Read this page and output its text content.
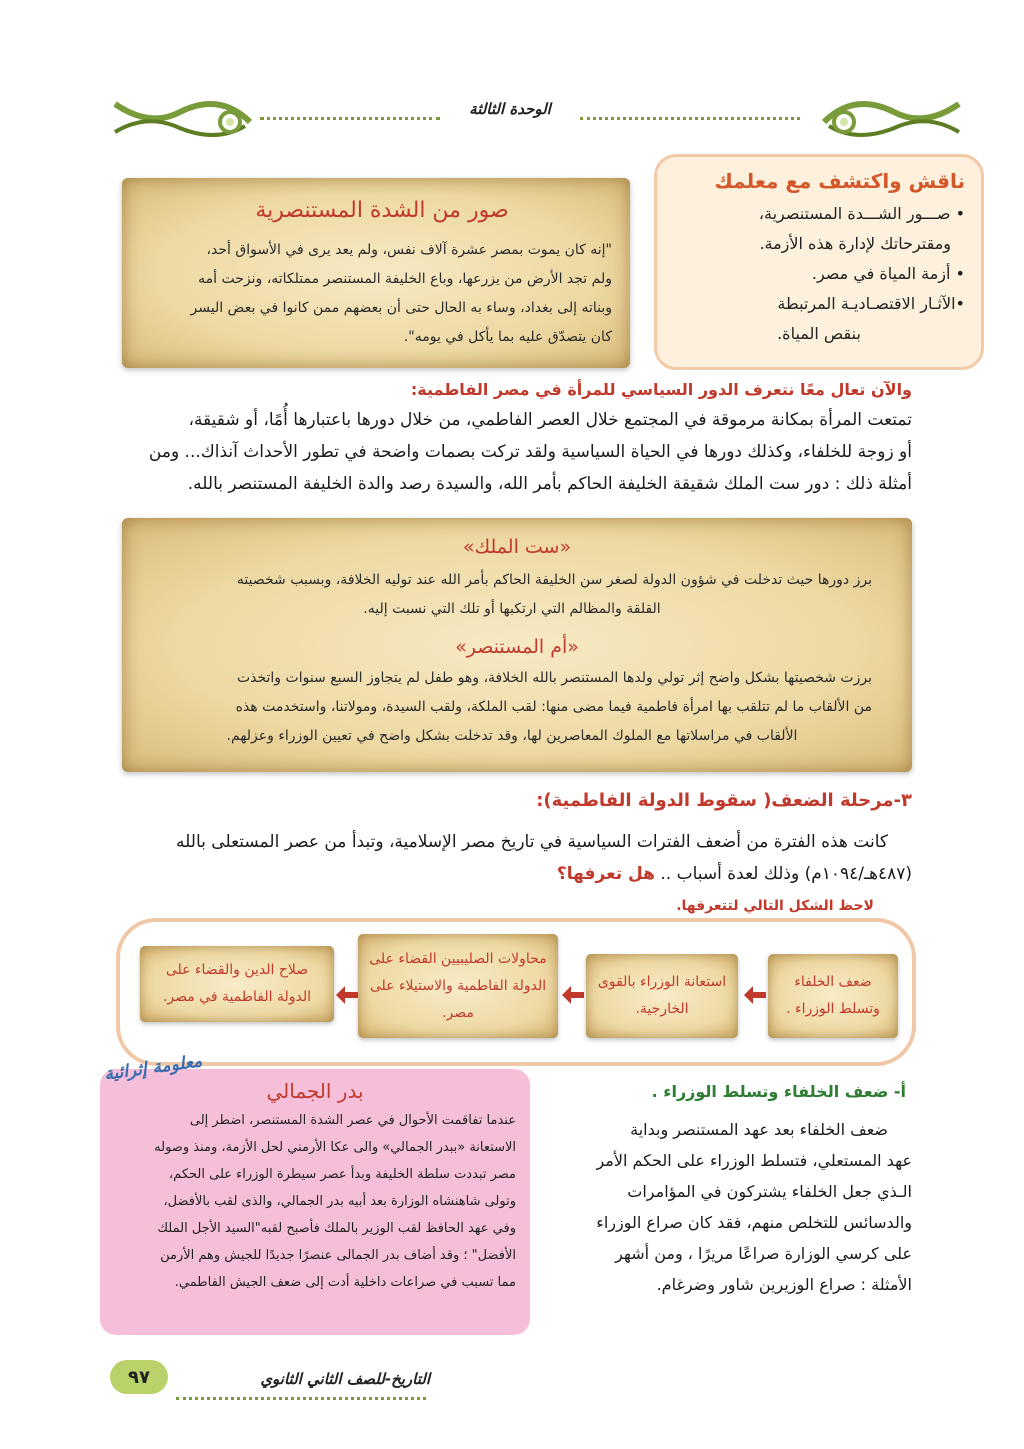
الوحدة الثالثة
صور من الشدة المستنصرية
"إنه كان يموت بمصر عشرة آلاف نفس، ولم يعد يرى في الأسواق أحد،
ولم تجد الأرض من يزرعها، وباع الخليفة المستنصر ممتلكاته، ونزحت أمه
وبناته إلى بغداد، وساء به الحال حتى أن بعضهم ممن كانوا في بعض اليسر
كان يتصدّق عليه بما يأكل في يومه".
ناقش واكتشف مع معلمك
• صـــور الشـــدة المستنصرية،
ومقترحاتك لإدارة هذه الأزمة.
• أزمة المياة في مصر.
•الآثـار الاقتصـاديـة المرتبطة
بنقص المياة.
والآن تعال معًا نتعرف الدور السياسي للمرأة في مصر الفاطمية:
تمتعت المرأة بمكانة مرموقة في المجتمع خلال العصر الفاطمي، من خلال دورها باعتبارها أُمًا، أو شقيقة،
أو زوجة للخلفاء، وكذلك دورها في الحياة السياسية ولقد تركت بصمات واضحة في تطور الأحداث آنذاك... ومن
أمثلة ذلك : دور ست الملك شقيقة الخليفة الحاكم بأمر الله، والسيدة رصد والدة الخليفة المستنصر بالله.
«ست الملك»
برز دورها حيث تدخلت في شؤون الدولة لصغر سن الخليفة الحاكم بأمر الله عند توليه الخلافة، وبسبب شخصيته
القلقة والمظالم التي ارتكبها أو تلك التي نسبت إليه.
«أم المستنصر»
برزت شخصيتها بشكل واضح إثر تولي ولدها المستنصر بالله الخلافة، وهو طفل لم يتجاوز السبع سنوات واتخذت
من الألقاب ما لم تتلقب بها امرأة فاطمية فيما مضى منها: لقب الملكة، ولقب السيدة، ومولاتنا، واستخدمت هذه
الألقاب في مراسلاتها مع الملوك المعاصرين لها، وقد تدخلت بشكل واضح في تعيين الوزراء وعزلهم.
٣-مرحلة الضعف( سقوط الدولة الفاطمية):
كانت هذه الفترة من أضعف الفترات السياسية في تاريخ مصر الإسلامية، وتبدأ من عصر المستعلى بالله
(٤٨٧هـ/١٠٩٤م) وذلك لعدة أسباب .. هل تعرفها؟
لاحظ الشكل التالي لتتعرفها.
ضعف الخلفاء وتسلط الوزراء .
استعانة الوزراء بالقوى الخارجية.
محاولات الصليبيين القضاء على الدولة الفاطمية والاستيلاء على مصر.
صلاح الدين والقضاء على الدولة الفاطمية في مصر.
أ- ضعف الخلفاء وتسلط الوزراء .
ضعف الخلفاء بعد عهد المستنصر وبداية
عهد المستعلي، فتسلط الوزراء على الحكم الأمر
الـذي جعل الخلفاء يشتركون في المؤامرات
والدسائس للتخلص منهم، فقد كان صراع الوزراء
على كرسي الوزارة صراعًا مريرًا ، ومن أشهر
الأمثلة : صراع الوزيرين شاور وضرغام.
بدر الجمالي
عندما تفاقمت الأحوال في عصر الشدة المستنصر، اضطر إلى
الاستعانة «ببدر الجمالي» والى عكا الأرمني لحل الأزمة، ومنذ وصوله
مصر تبددت سلطة الخليفة وبدأ عصر سيطرة الوزراء على الحكم،
وتولى شاهنشاه الوزارة بعد أبيه بدر الجمالي، والذى لقب بالأفضل،
وفي عهد الحافظ لقب الوزير بالملك فأصبح لقبه"السيد الأجل الملك
الأفضل" ؛ وقد أضاف بدر الجمالى عنصرًا جديدًا للجيش وهم الأرمن
مما تسبب في صراعات داخلية أدت إلى ضعف الجيش الفاطمي.
معلومة إثرائية
٩٧	التاريخ-للصف الثاني الثانوي
